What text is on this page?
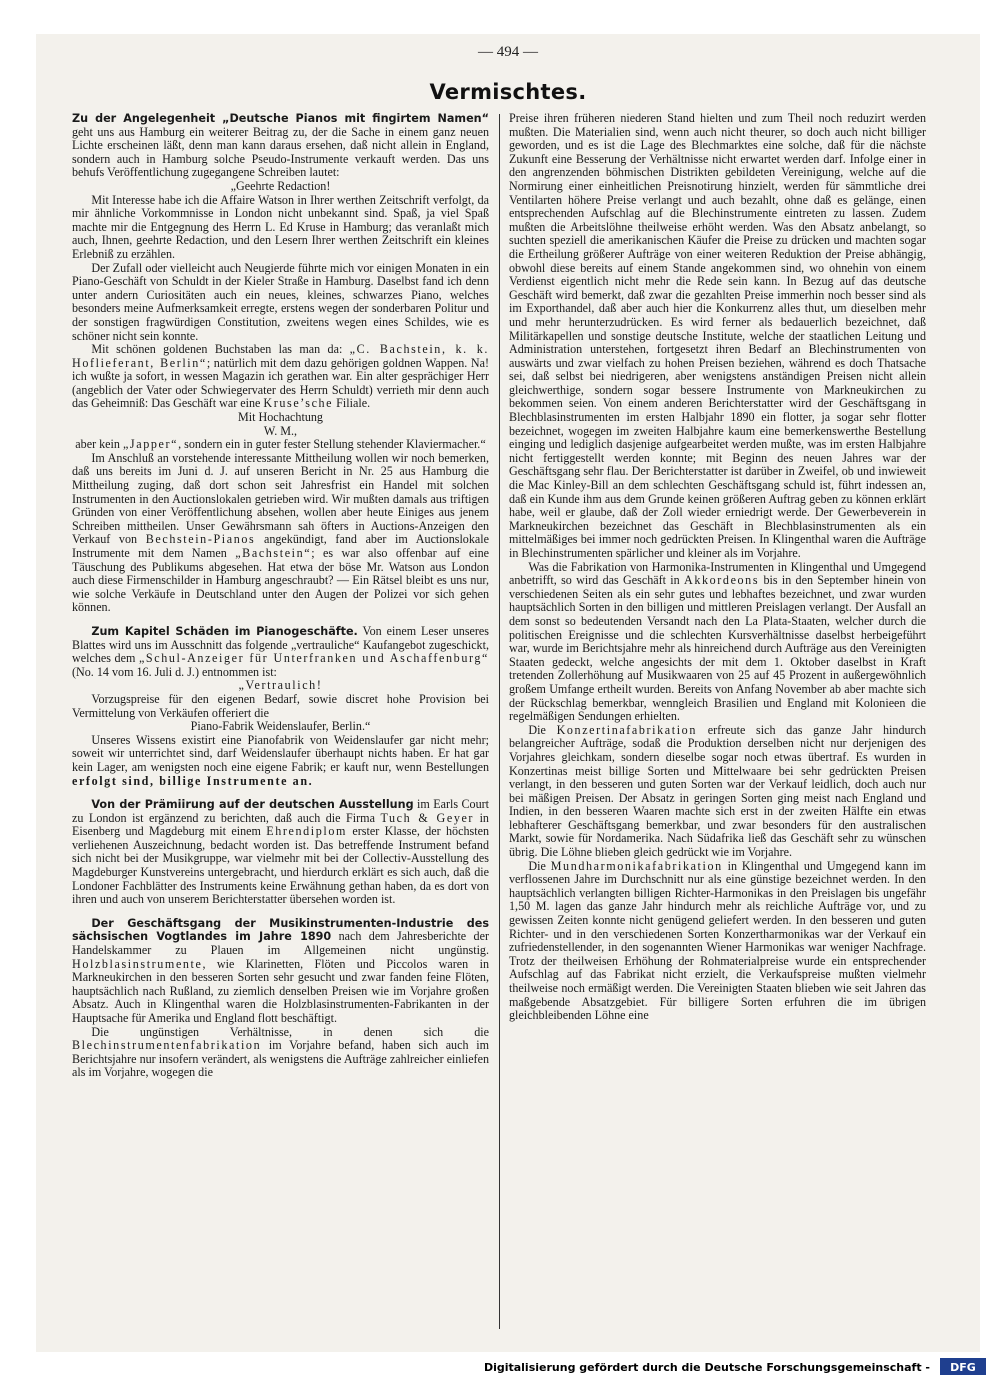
— 494 —
Vermischtes.

Zu der Angelegenheit „Deutsche Pianos mit fingirtem Namen“ geht uns aus Hamburg ein weiterer Beitrag zu, der die Sache in einem ganz neuen Lichte erscheinen läßt, denn man kann daraus ersehen, daß nicht allein in England, sondern auch in Hamburg solche Pseudo-Instrumente verkauft werden. Das uns behufs Veröffentlichung zugegangene Schreiben lautet:

„Geehrte Redaction!

Mit Interesse habe ich die Affaire Watson in Ihrer werthen Zeitschrift verfolgt, da mir ähnliche Vorkommnisse in London nicht unbekannt sind. Spaß, ja viel Spaß machte mir die Entgegnung des Herrn L. Ed Kruse in Hamburg; das veranlaßt mich auch, Ihnen, geehrte Redaction, und den Lesern Ihrer werthen Zeitschrift ein kleines Erlebniß zu erzählen.

Der Zufall oder vielleicht auch Neugierde führte mich vor einigen Monaten in ein Piano-Geschäft von Schuldt in der Kieler Straße in Hamburg. Daselbst fand ich denn unter andern Curiositäten auch ein neues, kleines, schwarzes Piano, welches besonders meine Aufmerksamkeit erregte, erstens wegen der sonderbaren Politur und der sonstigen fragwürdigen Constitution, zweitens wegen eines Schildes, wie es schöner nicht sein konnte.

Mit schönen goldenen Buchstaben las man da: „C. Bachstein, k. k. Hoflieferant, Berlin“; natürlich mit dem dazu gehörigen goldnen Wappen. Na! ich wußte ja sofort, in wessen Magazin ich gerathen war. Ein alter gesprächiger Herr (angeblich der Vater oder Schwiegervater des Herrn Schuldt) verrieth mir denn auch das Geheimniß: Das Geschäft war eine Kruse’sche Filiale.

Mit Hochachtung

W. M.,

aber kein „Japper“, sondern ein in guter fester Stellung stehender Klaviermacher.“

Im Anschluß an vorstehende interessante Mittheilung wollen wir noch bemerken, daß uns bereits im Juni d. J. auf unseren Bericht in Nr. 25 aus Hamburg die Mittheilung zuging, daß dort schon seit Jahresfrist ein Handel mit solchen Instrumenten in den Auctionslokalen getrieben wird. Wir mußten damals aus triftigen Gründen von einer Veröffentlichung absehen, wollen aber heute Einiges aus jenem Schreiben mittheilen. Unser Gewährsmann sah öfters in Auctions-Anzeigen den Verkauf von Bechstein-Pianos angekündigt, fand aber im Auctionslokale Instrumente mit dem Namen „Bachstein“; es war also offenbar auf eine Täuschung des Publikums abgesehen. Hat etwa der böse Mr. Watson aus London auch diese Firmenschilder in Hamburg angeschraubt? — Ein Rätsel bleibt es uns nur, wie solche Verkäufe in Deutschland unter den Augen der Polizei vor sich gehen können.

Zum Kapitel Schäden im Pianogeschäfte. Von einem Leser unseres Blattes wird uns im Ausschnitt das folgende „vertrauliche“ Kaufangebot zugeschickt, welches dem „Schul-Anzeiger für Unterfranken und Aschaffenburg“ (No. 14 vom 16. Juli d. J.) entnommen ist:

„Vertraulich!

Vorzugspreise für den eigenen Bedarf, sowie discret hohe Provision bei Vermittelung von Verkäufen offeriert die

Piano-Fabrik Weidenslaufer, Berlin.“

Unseres Wissens existirt eine Pianofabrik von Weidenslaufer gar nicht mehr; soweit wir unterrichtet sind, darf Weidenslaufer überhaupt nichts haben. Er hat gar kein Lager, am wenigsten noch eine eigene Fabrik; er kauft nur, wenn Bestellungen erfolgt sind, billige Instrumente an.

Von der Prämiirung auf der deutschen Ausstellung im Earls Court zu London ist ergänzend zu berichten, daß auch die Firma Tuch & Geyer in Eisenberg und Magdeburg mit einem Ehrendiplom erster Klasse, der höchsten verliehenen Auszeichnung, bedacht worden ist. Das betreffende Instrument befand sich nicht bei der Musikgruppe, war vielmehr mit bei der Collectiv-Ausstellung des Magdeburger Kunstvereins untergebracht, und hierdurch erklärt es sich auch, daß die Londoner Fachblätter des Instruments keine Erwähnung gethan haben, da es dort von ihren und auch von unserem Berichterstatter übersehen worden ist.

Der Geschäftsgang der Musikinstrumenten-Industrie des sächsischen Vogtlandes im Jahre 1890 nach dem Jahresberichte der Handelskammer zu Plauen im Allgemeinen nicht ungünstig. Holzblasinstrumente, wie Klarinetten, Flöten und Piccolos waren in Markneukirchen in den besseren Sorten sehr gesucht und zwar fanden feine Flöten, hauptsächlich nach Rußland, zu ziemlich denselben Preisen wie im Vorjahre großen Absatz. Auch in Klingenthal waren die Holzblasinstrumenten-Fabrikanten in der Hauptsache für Amerika und England flott beschäftigt.

Die ungünstigen Verhältnisse, in denen sich die Blechinstrumentenfabrikation im Vorjahre befand, haben sich auch im Berichtsjahre nur insofern verändert, als wenigstens die Aufträge zahlreicher einliefen als im Vorjahre, wogegen die

Preise ihren früheren niederen Stand hielten und zum Theil noch reduzirt werden mußten. Die Materialien sind, wenn auch nicht theurer, so doch auch nicht billiger geworden, und es ist die Lage des Blechmarktes eine solche, daß für die nächste Zukunft eine Besserung der Verhältnisse nicht erwartet werden darf. Infolge einer in den angrenzenden böhmischen Distrikten gebildeten Vereinigung, welche auf die Normirung einer einheitlichen Preisnotirung hinzielt, werden für sämmtliche drei Ventilarten höhere Preise verlangt und auch bezahlt, ohne daß es gelänge, einen entsprechenden Aufschlag auf die Blechinstrumente eintreten zu lassen. Zudem mußten die Arbeitslöhne theilweise erhöht werden. Was den Absatz anbelangt, so suchten speziell die amerikanischen Käufer die Preise zu drücken und machten sogar die Ertheilung größerer Aufträge von einer weiteren Reduktion der Preise abhängig, obwohl diese bereits auf einem Stande angekommen sind, wo ohnehin von einem Verdienst eigentlich nicht mehr die Rede sein kann. In Bezug auf das deutsche Geschäft wird bemerkt, daß zwar die gezahlten Preise immerhin noch besser sind als im Exporthandel, daß aber auch hier die Konkurrenz alles thut, um dieselben mehr und mehr herunterzudrücken. Es wird ferner als bedauerlich bezeichnet, daß Militärkapellen und sonstige deutsche Institute, welche der staatlichen Leitung und Administration unterstehen, fortgesetzt ihren Bedarf an Blechinstrumenten von auswärts und zwar vielfach zu hohen Preisen beziehen, während es doch Thatsache sei, daß selbst bei niedrigeren, aber wenigstens anständigen Preisen nicht allein gleichwerthige, sondern sogar bessere Instrumente von Markneukirchen zu bekommen seien. Von einem anderen Berichterstatter wird der Geschäftsgang in Blechblasinstrumenten im ersten Halbjahr 1890 ein flotter, ja sogar sehr flotter bezeichnet, wogegen im zweiten Halbjahre kaum eine bemerkenswerthe Bestellung einging und lediglich dasjenige aufgearbeitet werden mußte, was im ersten Halbjahre nicht fertiggestellt werden konnte; mit Beginn des neuen Jahres war der Geschäftsgang sehr flau. Der Berichterstatter ist darüber in Zweifel, ob und inwieweit die Mac Kinley-Bill an dem schlechten Geschäftsgang schuld ist, führt indessen an, daß ein Kunde ihm aus dem Grunde keinen größeren Auftrag geben zu können erklärt habe, weil er glaube, daß der Zoll wieder erniedrigt werde. Der Gewerbeverein in Markneukirchen bezeichnet das Geschäft in Blechblasinstrumenten als ein mittelmäßiges bei immer noch gedrückten Preisen. In Klingenthal waren die Aufträge in Blechinstrumenten spärlicher und kleiner als im Vorjahre.

Was die Fabrikation von Harmonika-Instrumenten in Klingenthal und Umgegend anbetrifft, so wird das Geschäft in Akkordeons bis in den September hinein von verschiedenen Seiten als ein sehr gutes und lebhaftes bezeichnet, und zwar wurden hauptsächlich Sorten in den billigen und mittleren Preislagen verlangt. Der Ausfall an dem sonst so bedeutenden Versandt nach den La Plata-Staaten, welcher durch die politischen Ereignisse und die schlechten Kursverhältnisse daselbst herbeigeführt war, wurde im Berichtsjahre mehr als hinreichend durch Aufträge aus den Vereinigten Staaten gedeckt, welche angesichts der mit dem 1. Oktober daselbst in Kraft tretenden Zollerhöhung auf Musikwaaren von 25 auf 45 Prozent in außergewöhnlich großem Umfange ertheilt wurden. Bereits von Anfang November ab aber machte sich der Rückschlag bemerkbar, wenngleich Brasilien und England mit Kolonieen die regelmäßigen Sendungen erhielten.

Die Konzertinafabrikation erfreute sich das ganze Jahr hindurch belangreicher Aufträge, sodaß die Produktion derselben nicht nur derjenigen des Vorjahres gleichkam, sondern dieselbe sogar noch etwas übertraf. Es wurden in Konzertinas meist billige Sorten und Mittelwaare bei sehr gedrückten Preisen verlangt, in den besseren und guten Sorten war der Verkauf leidlich, doch auch nur bei mäßigen Preisen. Der Absatz in geringen Sorten ging meist nach England und Indien, in den besseren Waaren machte sich erst in der zweiten Hälfte ein etwas lebhafterer Geschäftsgang bemerkbar, und zwar besonders für den australischen Markt, sowie für Nordamerika. Nach Südafrika ließ das Geschäft sehr zu wünschen übrig. Die Löhne blieben gleich gedrückt wie im Vorjahre.

Die Mundharmonikafabrikation in Klingenthal und Umgegend kann im verflossenen Jahre im Durchschnitt nur als eine günstige bezeichnet werden. In den hauptsächlich verlangten billigen Richter-Harmonikas in den Preislagen bis ungefähr 1,50 M. lagen das ganze Jahr hindurch mehr als reichliche Aufträge vor, und zu gewissen Zeiten konnte nicht genügend geliefert werden. In den besseren und guten Richter- und in den verschiedenen Sorten Konzertharmonikas war der Verkauf ein zufriedenstellender, in den sogenannten Wiener Harmonikas war weniger Nachfrage. Trotz der theilweisen Erhöhung der Rohmaterialpreise wurde ein entsprechender Aufschlag auf das Fabrikat nicht erzielt, die Verkaufspreise mußten vielmehr theilweise noch ermäßigt werden. Die Vereinigten Staaten blieben wie seit Jahren das maßgebende Absatzgebiet. Für billigere Sorten erfuhren die im übrigen gleichbleibenden Löhne eine

Digitalisierung gefördert durch die Deutsche Forschungsgemeinschaft - DFG
